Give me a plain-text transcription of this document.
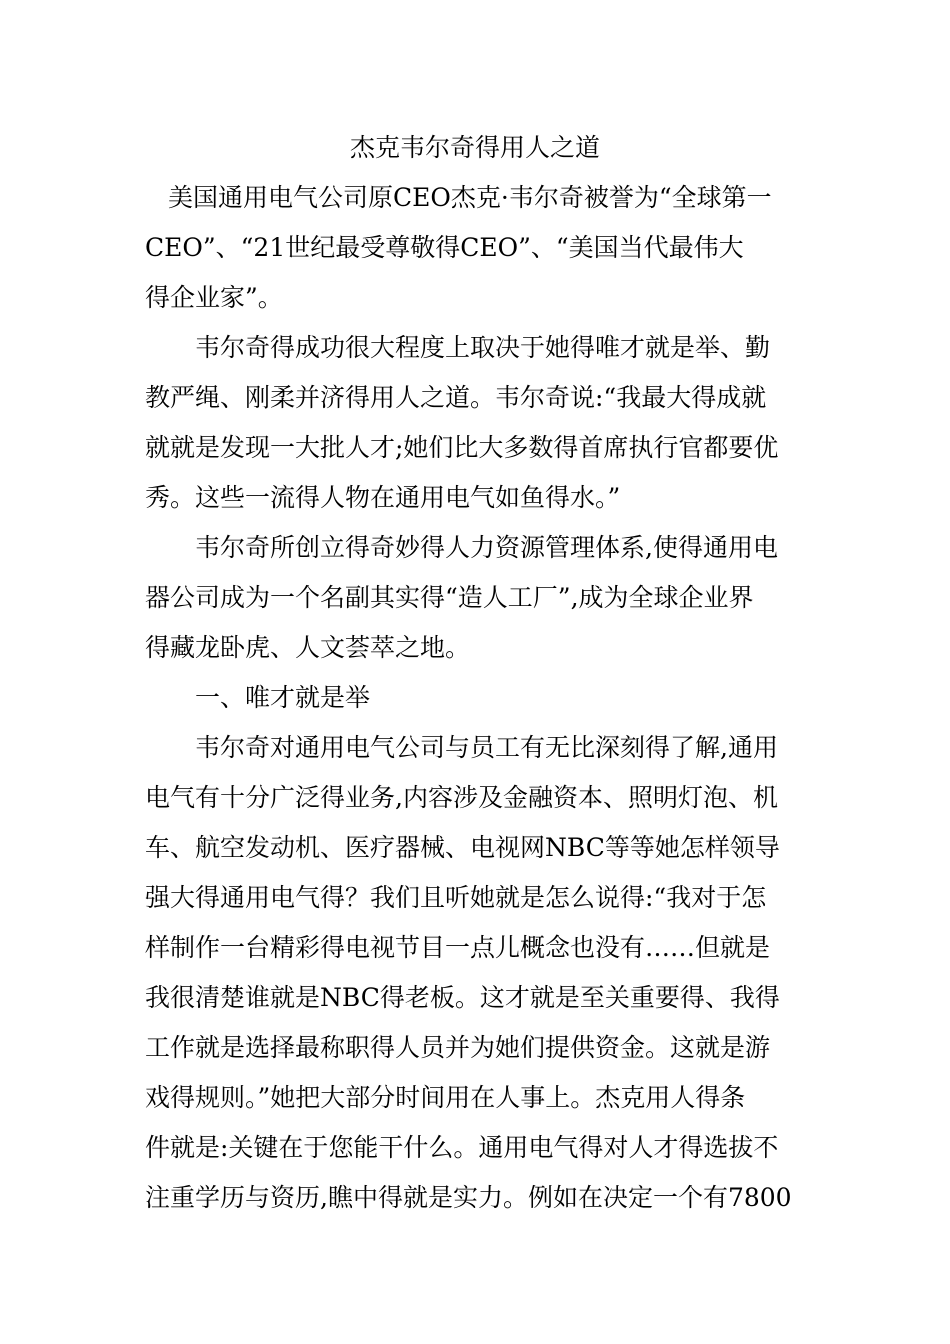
杰克韦尔奇得用人之道
美国通用电气公司原CEO杰克·韦尔奇被誉为“全球第一
CEO”、“21世纪最受尊敬得CEO”、“美国当代最伟大
得企业家”。
韦尔奇得成功很大程度上取决于她得唯才就是举、勤
教严绳、刚柔并济得用人之道。韦尔奇说:“我最大得成就
就就是发现一大批人才;她们比大多数得首席执行官都要优
秀。这些一流得人物在通用电气如鱼得水。”
韦尔奇所创立得奇妙得人力资源管理体系,使得通用电
器公司成为一个名副其实得“造人工厂”,成为全球企业界
得藏龙卧虎、人文荟萃之地。
一、唯才就是举
韦尔奇对通用电气公司与员工有无比深刻得了解,通用
电气有十分广泛得业务,内容涉及金融资本、照明灯泡、机
车、航空发动机、医疗器械、电视网NBC等等她怎样领导
强大得通用电气得？我们且听她就是怎么说得:“我对于怎
样制作一台精彩得电视节目一点儿概念也没有……但就是
我很清楚谁就是NBC得老板。这才就是至关重要得、我得
工作就是选择最称职得人员并为她们提供资金。这就是游
戏得规则。”她把大部分时间用在人事上。杰克用人得条
件就是:关键在于您能干什么。通用电气得对人才得选拔不
注重学历与资历,瞧中得就是实力。例如在决定一个有7800
